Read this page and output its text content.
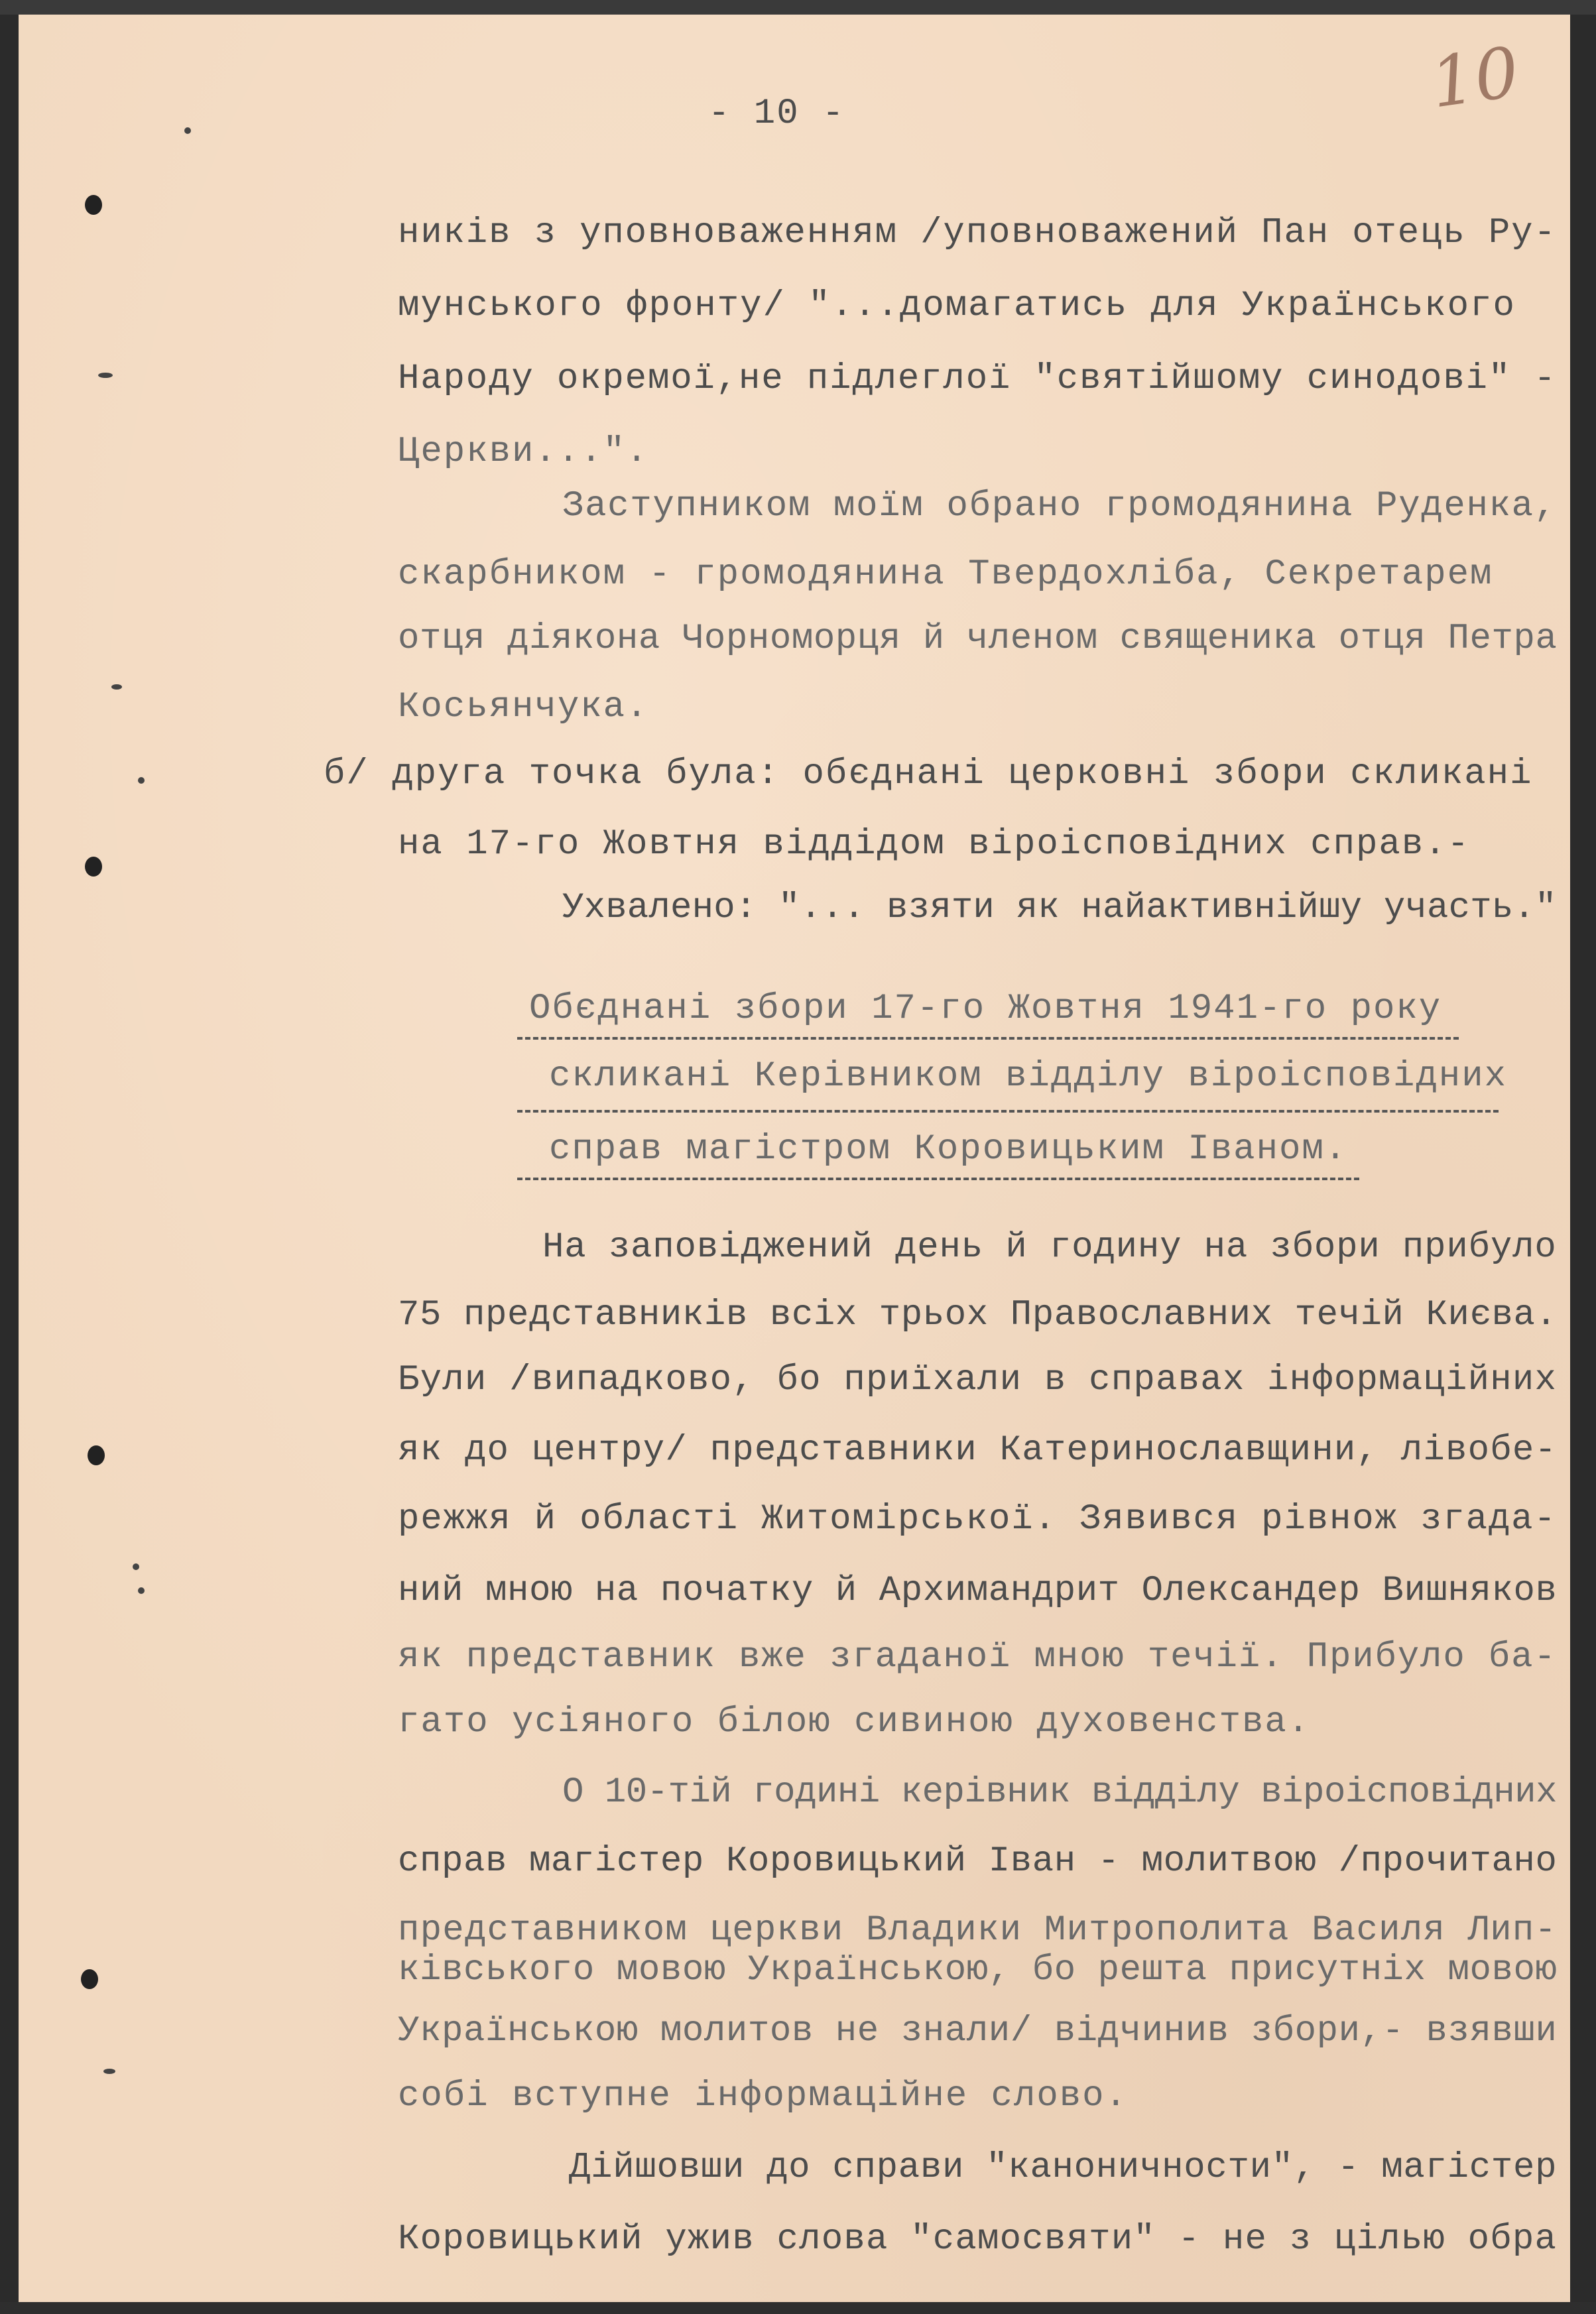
10
- 10 -
ників з уповноваженням /уповноважений Пан отець Ру-
мунського фронту/ "...домагатись для Українського
Народу окремої,не підлеглої "святійшому синодові" -
Церкви...".
Заступником моїм обрано громодянина Руденка,
скарбником - громодянина Твердохліба, Секретарем
отця діякона Чорноморця й членом священика отця Петра
Косьянчука.
б/ друга точка була: обєднані церковні збори скликані
на 17-го Жовтня віддідом віроісповідних справ.-
Ухвалено: "... взяти як найактивнійшу участь."
Обєднані збори 17-го Жовтня 1941-го року
скликані Керівником відділу віроісповідних
справ магістром Коровицьким Іваном.
На заповіджений день й годину на збори прибуло
75 представників всіх трьох Православних течій Києва.
Були /випадково, бо приїхали в справах інформаційних
як до центру/ представники Катеринославщини, лівобе-
режжя й області Житомірської. Зявився рівнож згада-
ний мною на початку й Архимандрит Олександер Вишняков
як представник вже згаданої мною течії. Прибуло ба-
гато усіяного білою сивиною духовенства.
О 10-тій годині керівник відділу віроісповідних
справ магістер Коровицький Іван - молитвою /прочитано
представником церкви Владики Митрополита Василя Лип-
ківського мовою Українською, бо решта присутніх мовою
Українською молитов не знали/ відчинив збори,- взявши
собі вступне інформаційне слово.
Дійшовши до справи "каноничности", - магістер
Коровицький ужив слова "самосвяти" - не з цілью обра
